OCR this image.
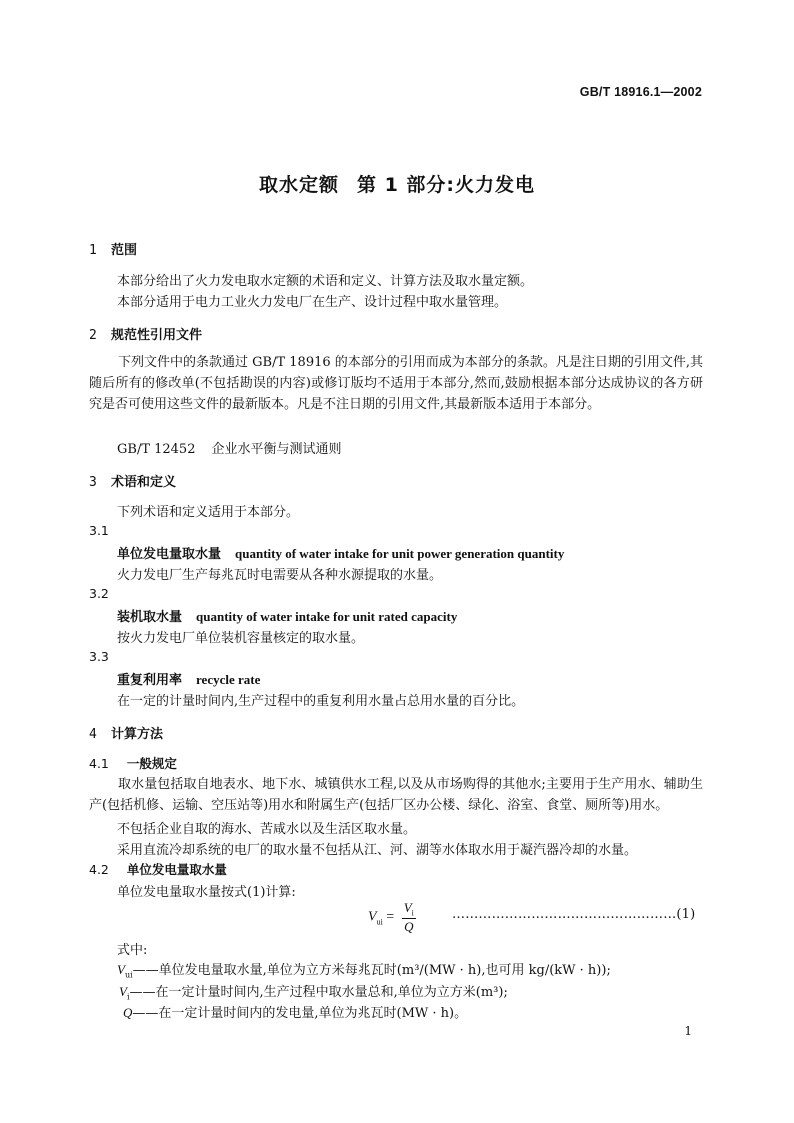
GB/T 18916.1—2002
取水定额 第 1 部分:火力发电
1 范围
本部分给出了火力发电取水定额的术语和定义、计算方法及取水量定额。
本部分适用于电力工业火力发电厂在生产、设计过程中取水量管理。
2 规范性引用文件
下列文件中的条款通过 GB/T 18916 的本部分的引用而成为本部分的条款。凡是注日期的引用文件,其随后所有的修改单(不包括勘误的内容)或修订版均不适用于本部分,然而,鼓励根据本部分达成协议的各方研究是否可使用这些文件的最新版本。凡是不注日期的引用文件,其最新版本适用于本部分。
GB/T 12452 企业水平衡与测试通则
3 术语和定义
下列术语和定义适用于本部分。
3.1
单位发电量取水量 quantity of water intake for unit power generation quantity
火力发电厂生产每兆瓦时电需要从各种水源提取的水量。
3.2
装机取水量 quantity of water intake for unit rated capacity
按火力发电厂单位装机容量核定的取水量。
3.3
重复利用率 recycle rate
在一定的计量时间内,生产过程中的重复利用水量占总用水量的百分比。
4 计算方法
4.1 一般规定
取水量包括取自地表水、地下水、城镇供水工程,以及从市场购得的其他水;主要用于生产用水、辅助生产(包括机修、运输、空压站等)用水和附属生产(包括厂区办公楼、绿化、浴室、食堂、厕所等)用水。
不包括企业自取的海水、苦咸水以及生活区取水量。
采用直流冷却系统的电厂的取水量不包括从江、河、湖等水体取水用于凝汽器冷却的水量。
4.2 单位发电量取水量
单位发电量取水量按式(1)计算:
$V_{ui} = \frac{V_i}{Q}$	……………………………………………(1)
式中:
$V_{ui}——$单位发电量取水量,单位为立方米每兆瓦时(m³/(MW · h),也可用 kg/(kW · h));
$V_i——$在一定计量时间内,生产过程中取水量总和,单位为立方米(m³);
Q——在一定计量时间内的发电量,单位为兆瓦时(MW · h)。
1
